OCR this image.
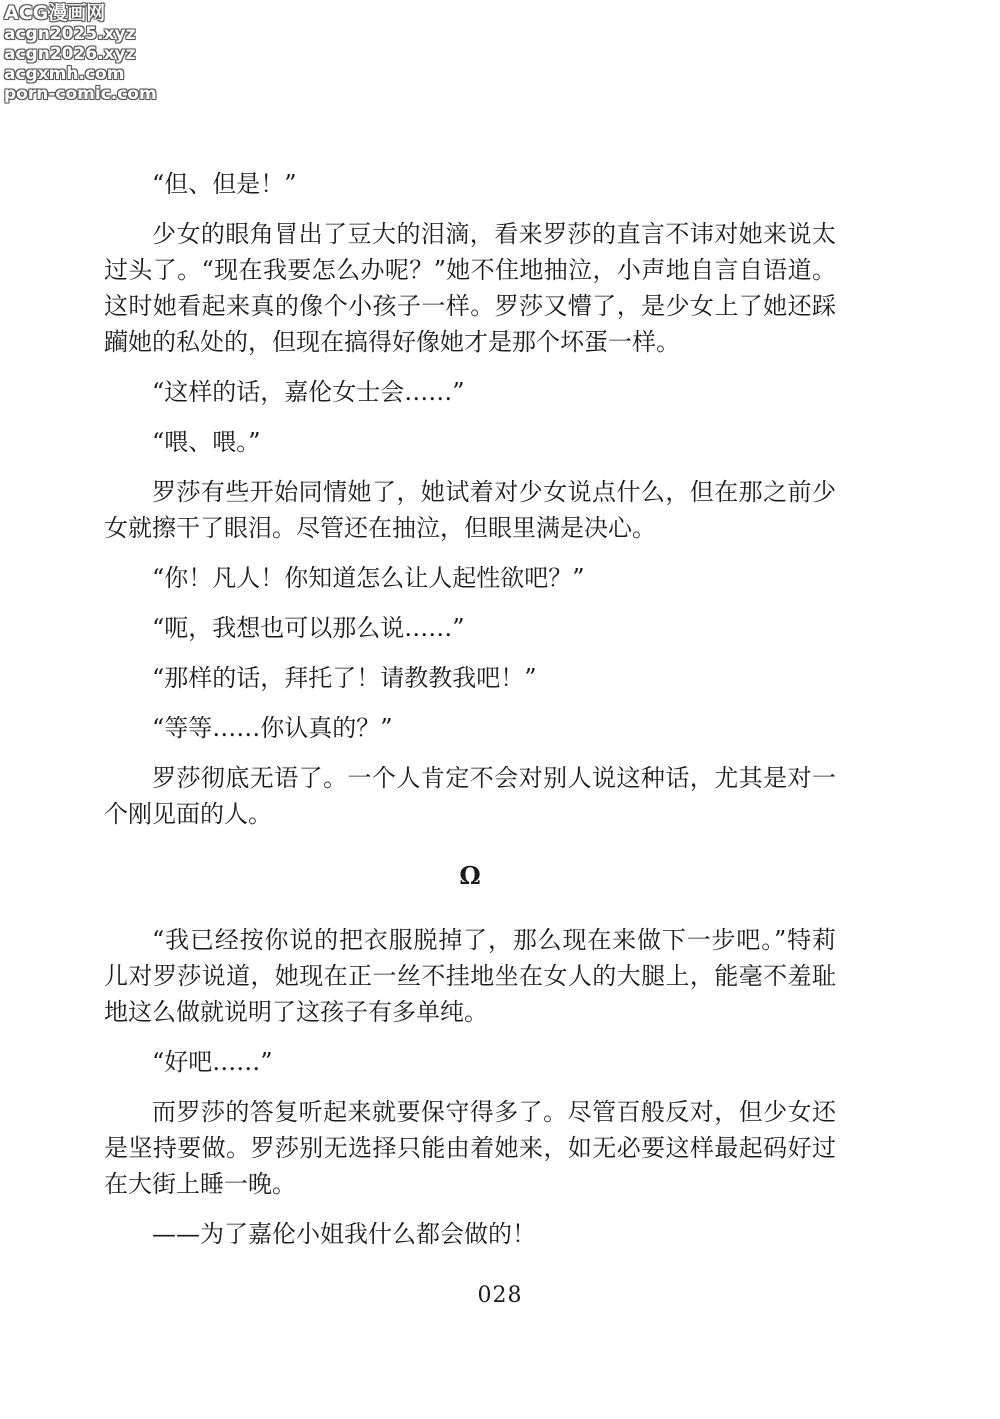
ACG漫画网
acgn2025.xyz
acgn2026.xyz
acgxmh.com
porn-comic.com

“但、但是！”

少女的眼角冒出了豆大的泪滴，看来罗莎的直言不讳对她来说太过头了。“现在我要怎么办呢？”她不住地抽泣，小声地自言自语道。这时她看起来真的像个小孩子一样。罗莎又懵了，是少女上了她还踩躏她的私处的，但现在搞得好像她才是那个坏蛋一样。

“这样的话，嘉伦女士会……”

“喂、喂。”

罗莎有些开始同情她了，她试着对少女说点什么，但在那之前少女就擦干了眼泪。尽管还在抽泣，但眼里满是决心。

“你！凡人！你知道怎么让人起性欲吧？”

“呃，我想也可以那么说……”

“那样的话，拜托了！请教教我吧！”

“等等……你认真的？”

罗莎彻底无语了。一个人肯定不会对别人说这种话，尤其是对一个刚见面的人。

Ω

“我已经按你说的把衣服脱掉了，那么现在来做下一步吧。”特莉儿对罗莎说道，她现在正一丝不挂地坐在女人的大腿上，能毫不羞耻地这么做就说明了这孩子有多单纯。

“好吧……”

而罗莎的答复听起来就要保守得多了。尽管百般反对，但少女还是坚持要做。罗莎别无选择只能由着她来，如无必要这样最起码好过在大街上睡一晚。

——为了嘉伦小姐我什么都会做的！

028
